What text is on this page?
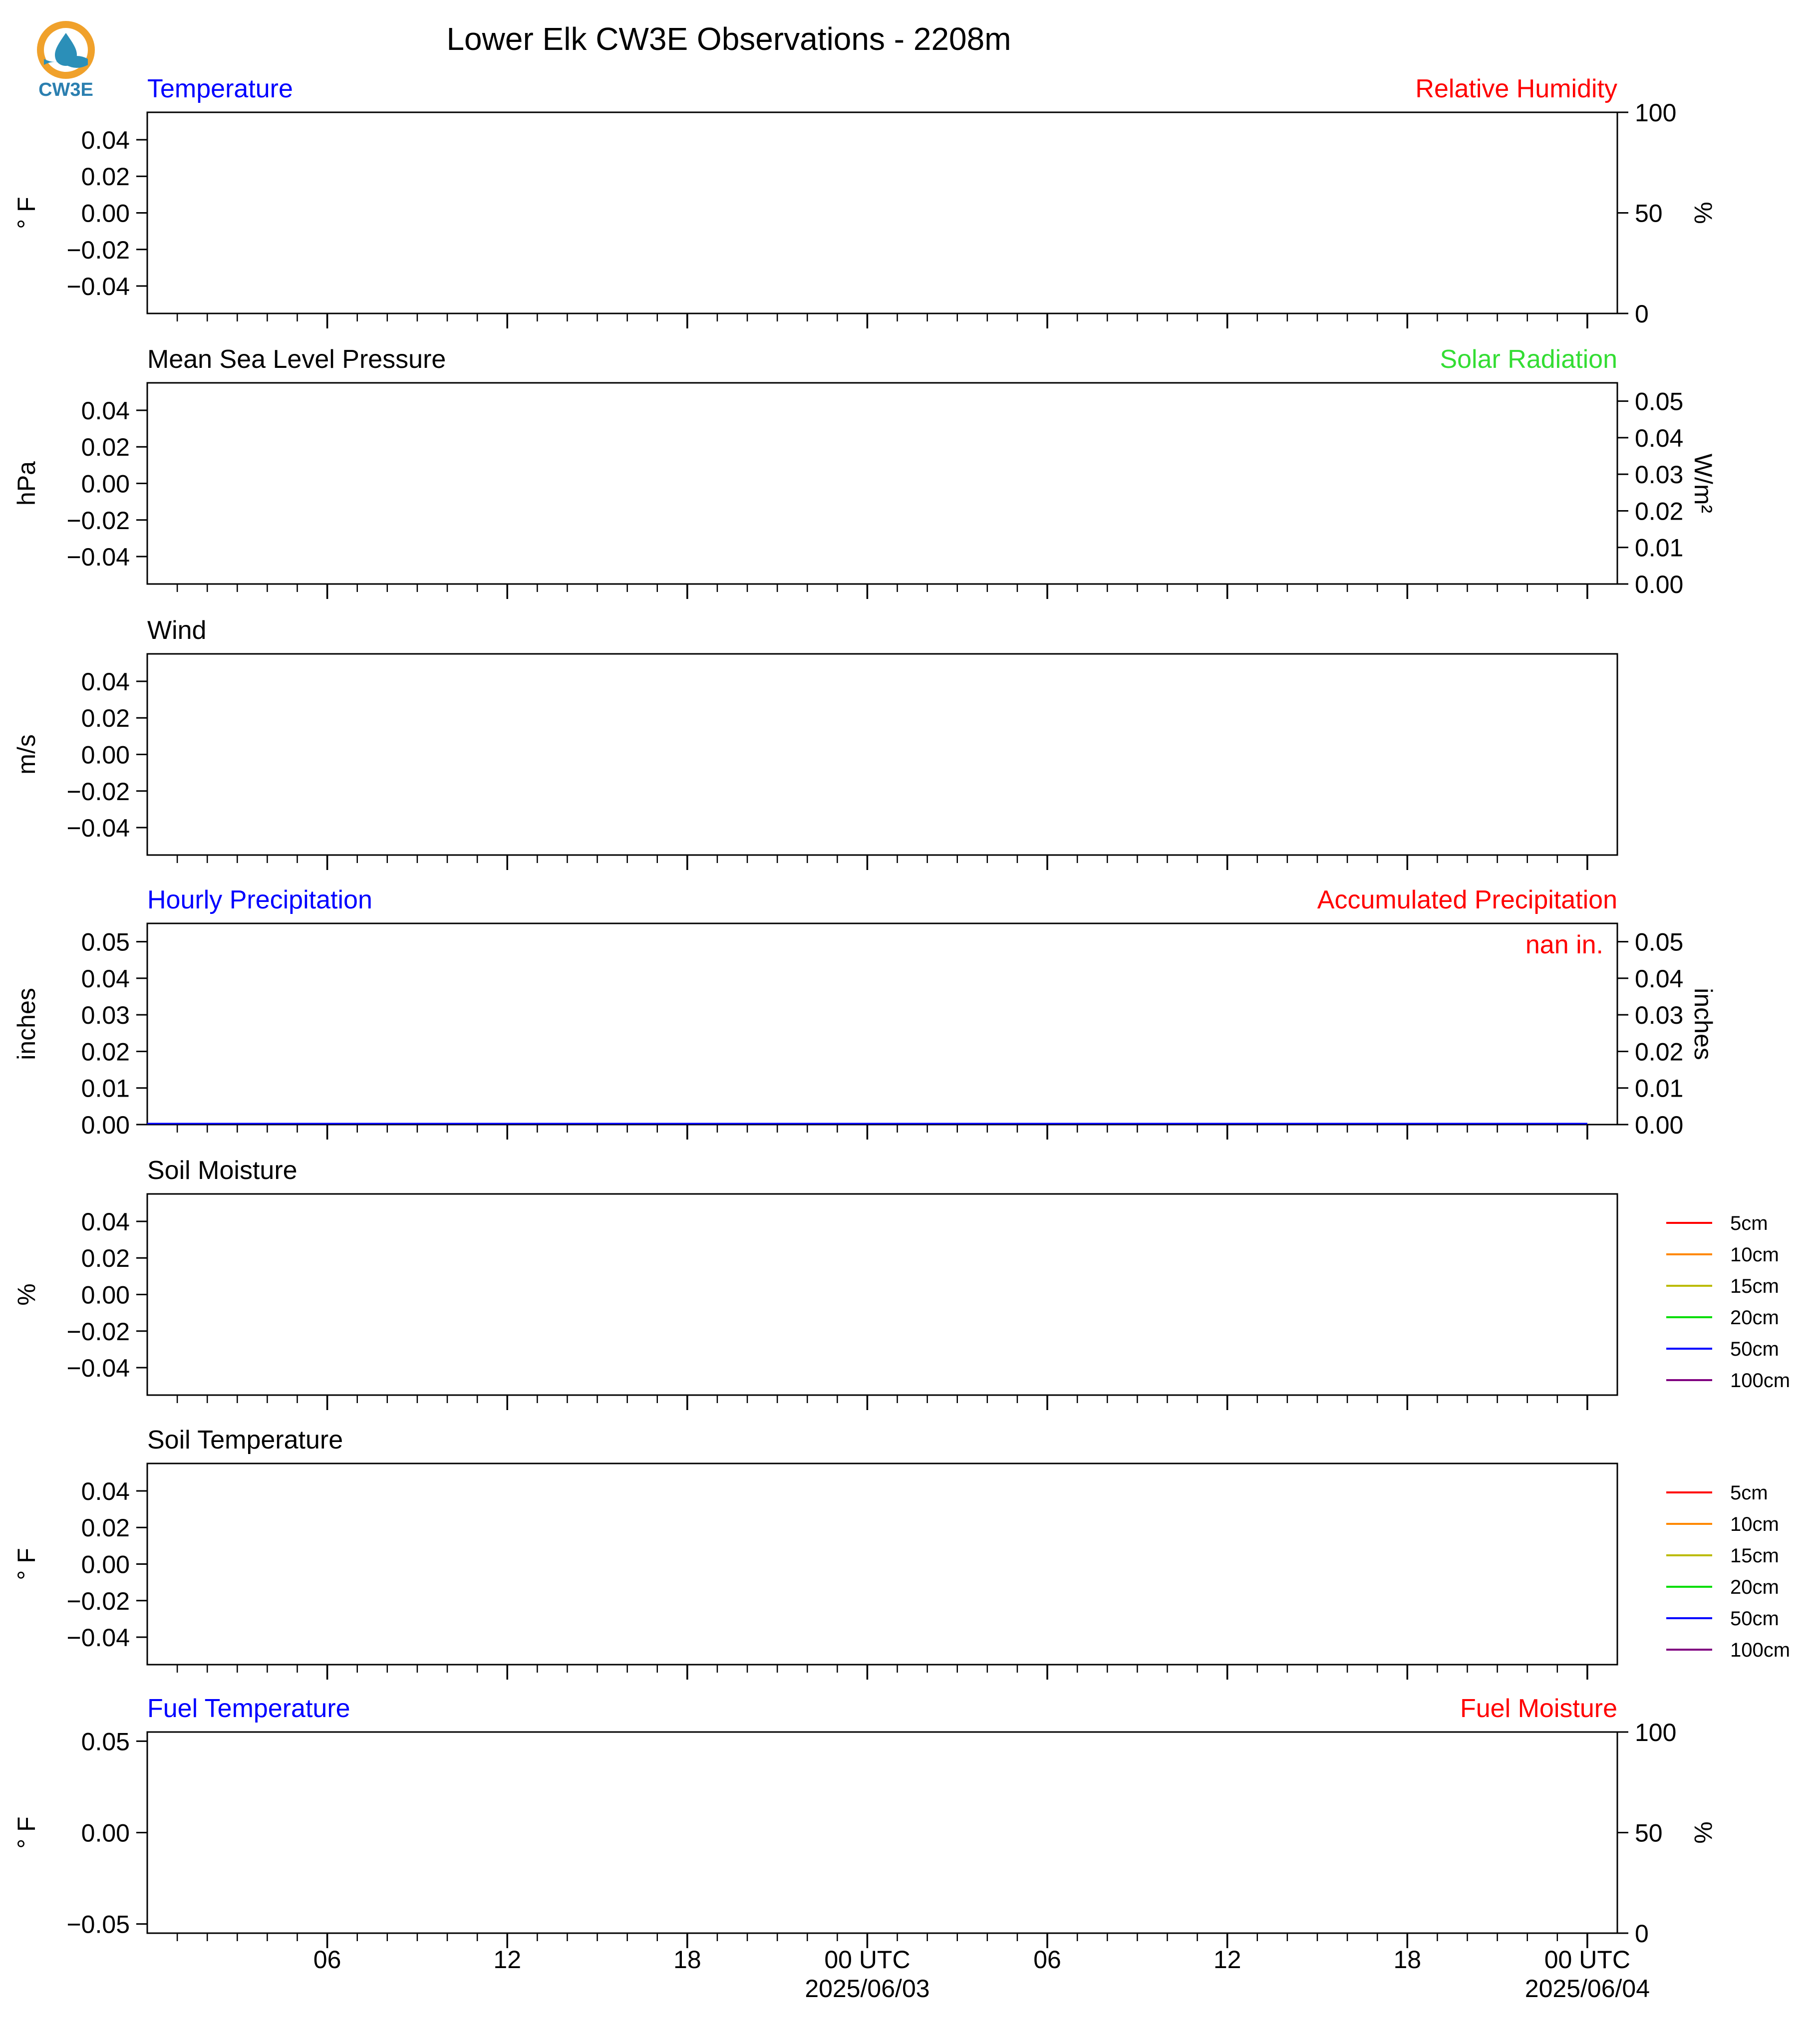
CW3E
Lower Elk CW3E Observations - 2208m
Temperature	Relative Humidity
0.04
0.02
0.00
−0.02
−0.04
° F
100
50
0
%
Mean Sea Level Pressure	Solar Radiation
0.04
0.02
0.00
−0.02
−0.04
hPa
0.05
0.04
0.03
0.02
0.01
0.00
W/m²
Wind
0.04
0.02
0.00
−0.02
−0.04
m/s
Hourly Precipitation	Accumulated Precipitation
0.05
0.04
0.03
0.02
0.01
0.00
inches
0.05
0.04
0.03
0.02
0.01
0.00
inches
nan in.
Soil Moisture
0.04
0.02
0.00
−0.02
−0.04
%
5cm
10cm
15cm
20cm
50cm
100cm
Soil Temperature
0.04
0.02
0.00
−0.02
−0.04
° F
5cm
10cm
15cm
20cm
50cm
100cm
Fuel Temperature	Fuel Moisture
0.05
0.00
−0.05
° F
100
50
0
%
06	12	18	00 UTC
2025/06/03
06	12	18	00 UTC
2025/06/04
